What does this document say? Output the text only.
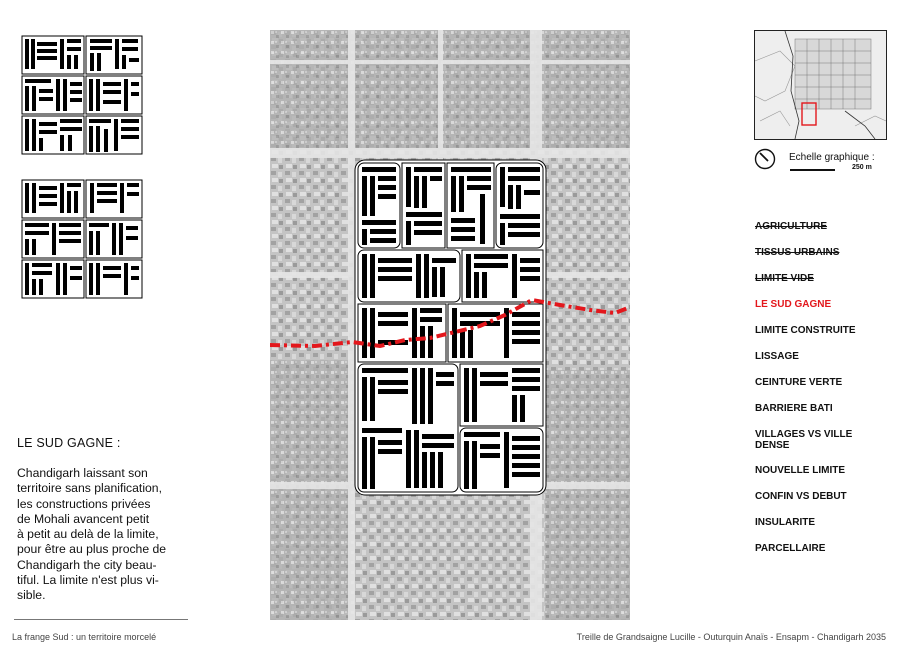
LE SUD GAGNE :
Chandigarh laissant son
territoire sans planification,
les constructions privées
de Mohali avancent petit
à petit au delà de la limite,
pour être au plus proche de
Chandigarh the city beau-
tiful. La limite n'est plus vi-
sible.
Echelle graphique :
250 m
AGRICULTURE
TISSUS URBAINS
LIMITE VIDE
LE SUD GAGNE
LIMITE CONSTRUITE
LISSAGE
CEINTURE VERTE
BARRIERE BATI
VILLAGES VS VILLE DENSE
NOUVELLE LIMITE
CONFIN VS DEBUT
INSULARITE
PARCELLAIRE
La frange Sud : un territoire morcelé	Treille de Grandsaigne Lucille - Outurquin Anaïs - Ensapm - Chandigarh 2035
